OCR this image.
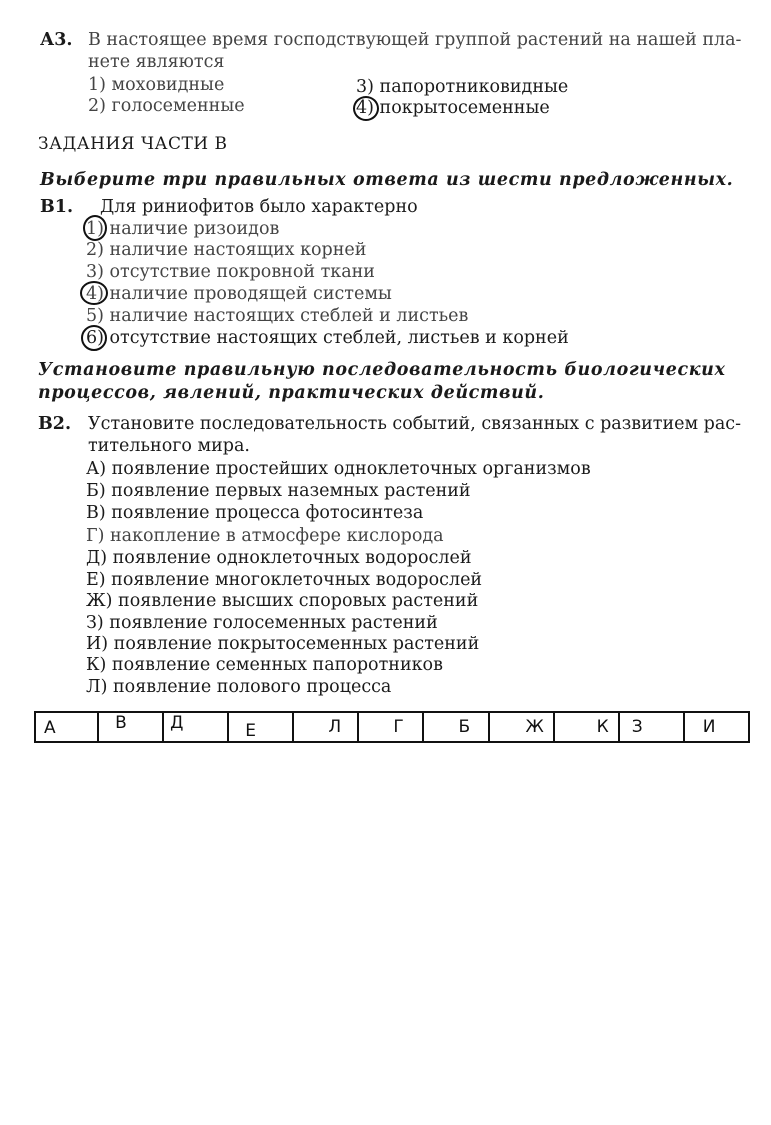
А3. В настоящее время господствующей группой растений на нашей пла-
нете являются
1) моховидные
2) голосеменные
3) папоротниковидные
4) покрытосеменные
ЗАДАНИЯ ЧАСТИ В
Выберите три правильных ответа из шести предложенных.
В1. Для риниофитов было характерно
1) наличие ризоидов
2) наличие настоящих корней
3) отсутствие покровной ткани
4) наличие проводящей системы
5) наличие настоящих стеблей и листьев
6) отсутствие настоящих стеблей, листьев и корней
Установите правильную последовательность биологических
процессов, явлений, практических действий.
В2. Установите последовательность событий, связанных с развитием рас-
тительного мира.
А) появление простейших одноклеточных организмов
Б) появление первых наземных растений
В) появление процесса фотосинтеза
Г) накопление в атмосфере кислорода
Д) появление одноклеточных водорослей
Е) появление многоклеточных водорослей
Ж) появление высших споровых растений
З) появление голосеменных растений
И) появление покрытосеменных растений
К) появление семенных папоротников
Л) появление полового процесса
А	В	Д	Е	Л	Г	Б	Ж	К	З	И
